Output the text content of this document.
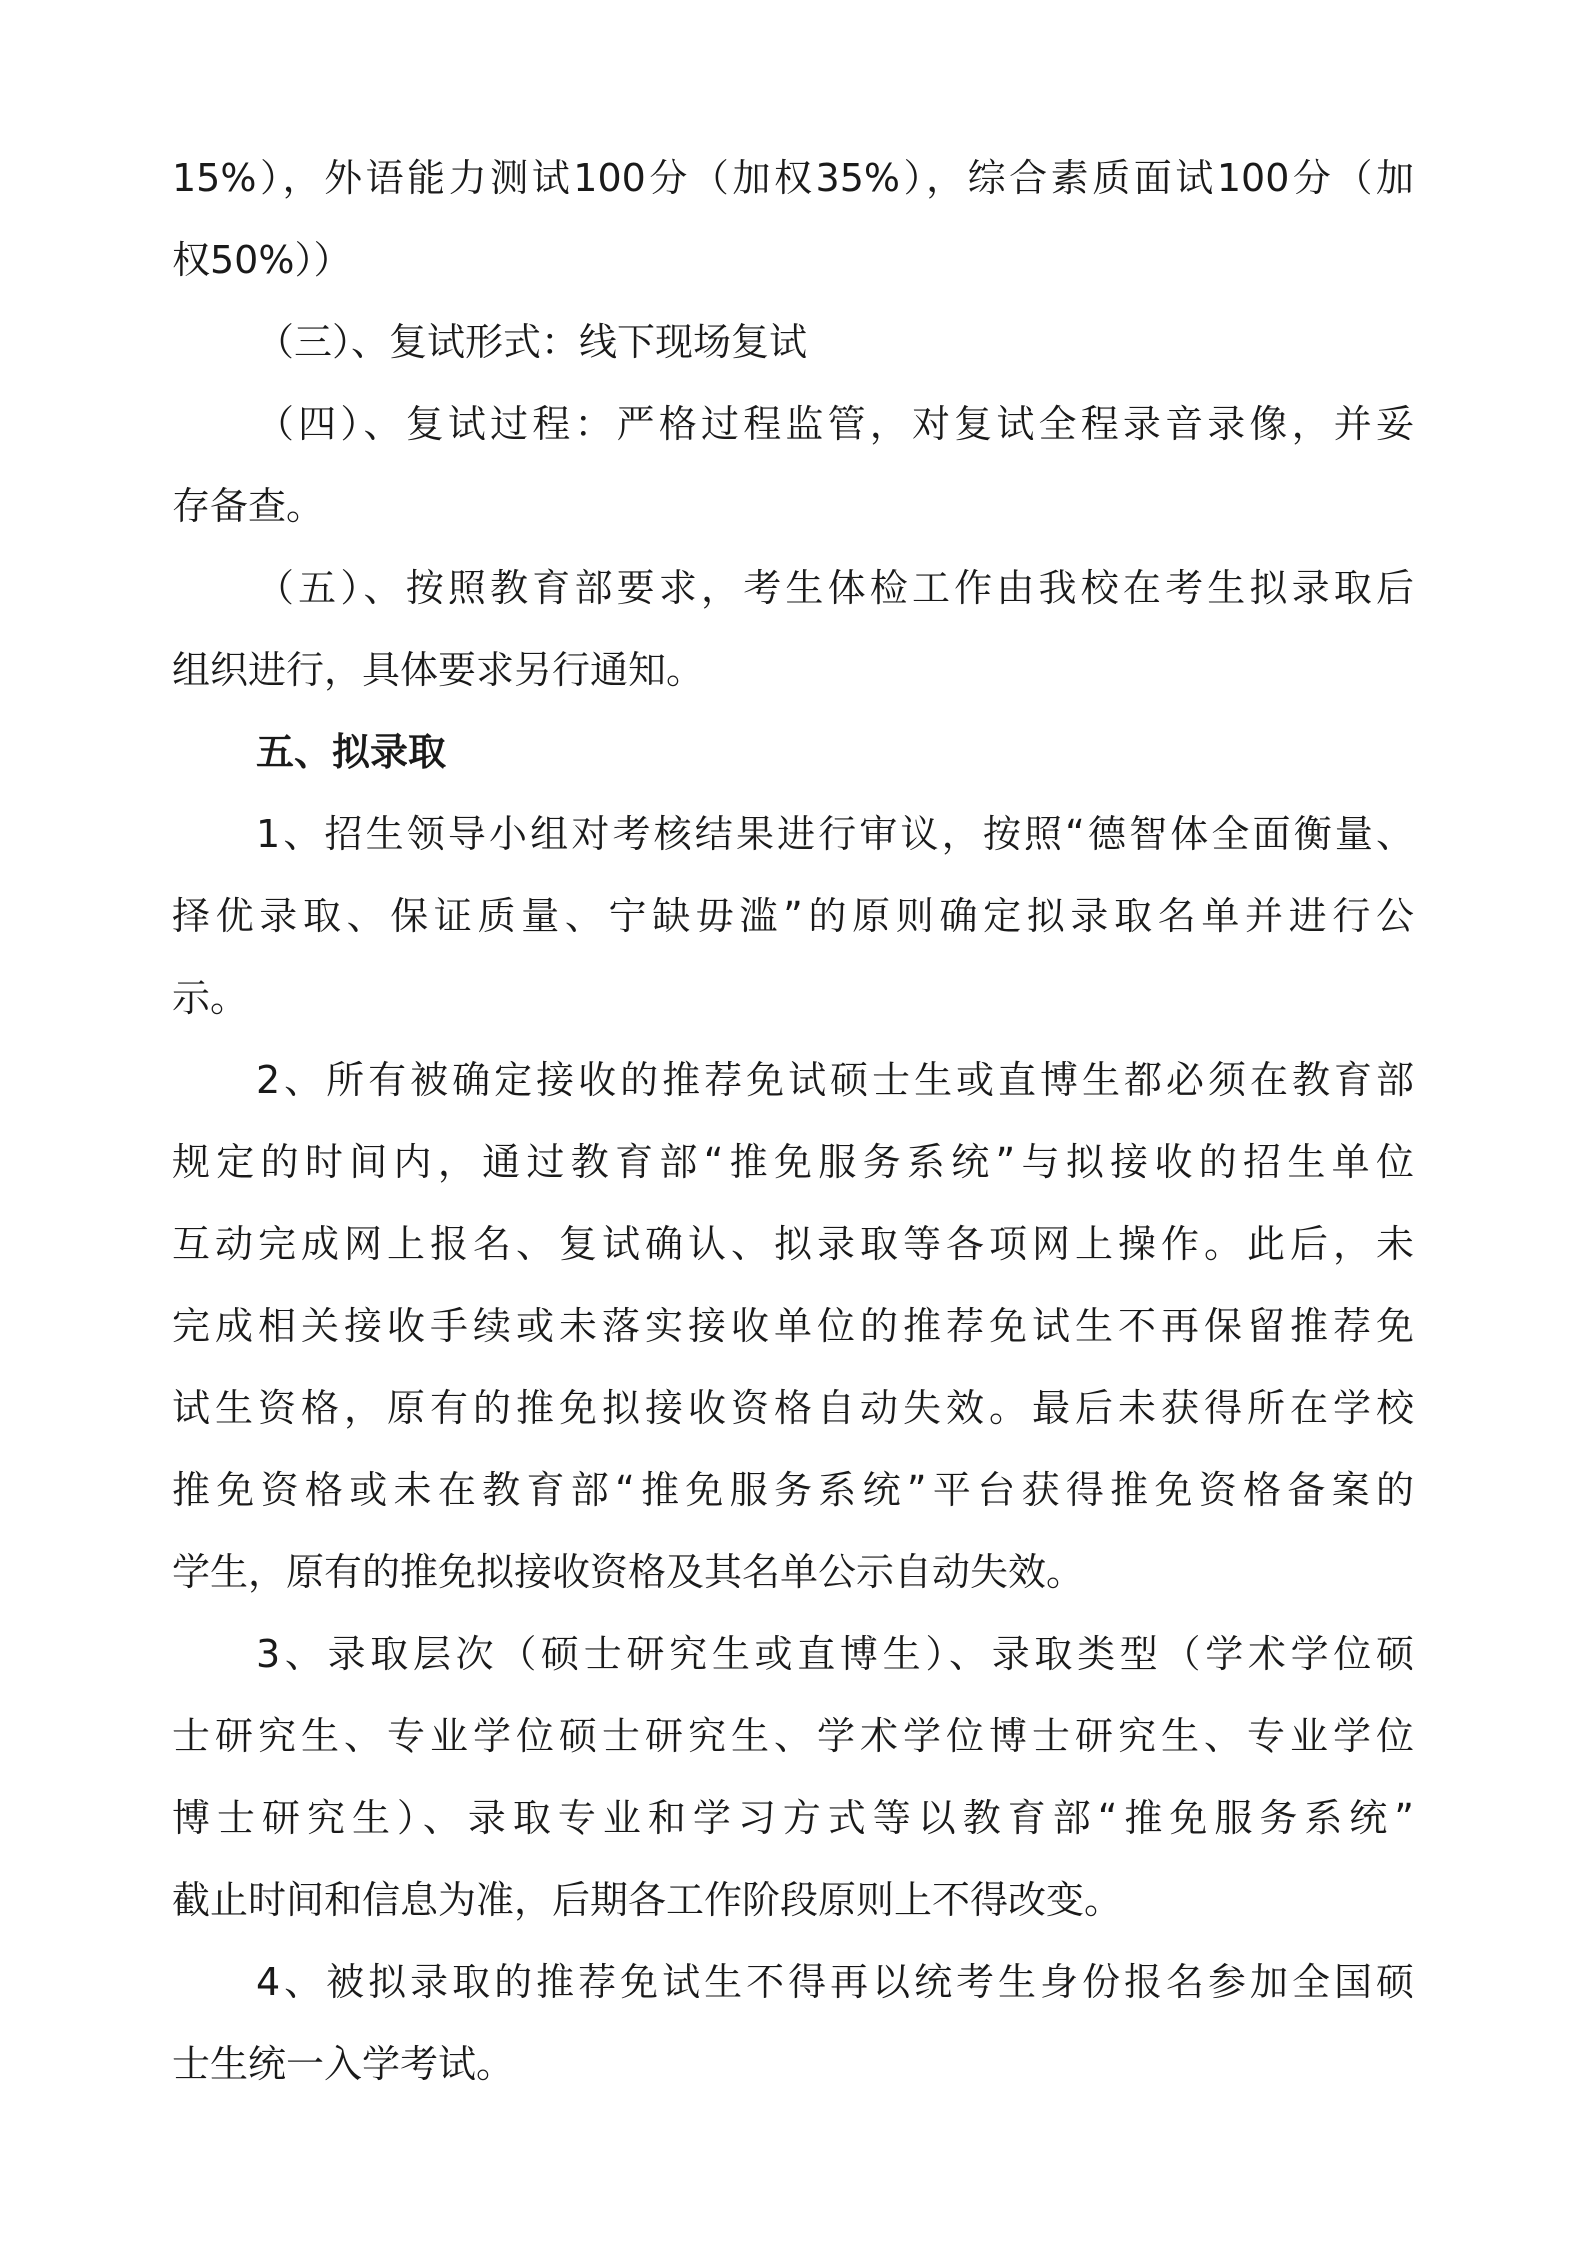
15%），外语能力测试100分（加权35%），综合素质面试100分（加
权50%））
（三）、复试形式：线下现场复试
（四）、复试过程：严格过程监管，对复试全程录音录像，并妥
存备查。
（五）、按照教育部要求，考生体检工作由我校在考生拟录取后
组织进行，具体要求另行通知。
五、拟录取
1、招生领导小组对考核结果进行审议，按照“德智体全面衡量、
择优录取、保证质量、宁缺毋滥”的原则确定拟录取名单并进行公
示。
2、所有被确定接收的推荐免试硕士生或直博生都必须在教育部
规定的时间内，通过教育部“推免服务系统”与拟接收的招生单位
互动完成网上报名、复试确认、拟录取等各项网上操作。此后，未
完成相关接收手续或未落实接收单位的推荐免试生不再保留推荐免
试生资格，原有的推免拟接收资格自动失效。最后未获得所在学校
推免资格或未在教育部“推免服务系统”平台获得推免资格备案的
学生，原有的推免拟接收资格及其名单公示自动失效。
3、录取层次（硕士研究生或直博生）、录取类型（学术学位硕
士研究生、专业学位硕士研究生、学术学位博士研究生、专业学位
博士研究生）、录取专业和学习方式等以教育部“推免服务系统”
截止时间和信息为准，后期各工作阶段原则上不得改变。
4、被拟录取的推荐免试生不得再以统考生身份报名参加全国硕
士生统一入学考试。
